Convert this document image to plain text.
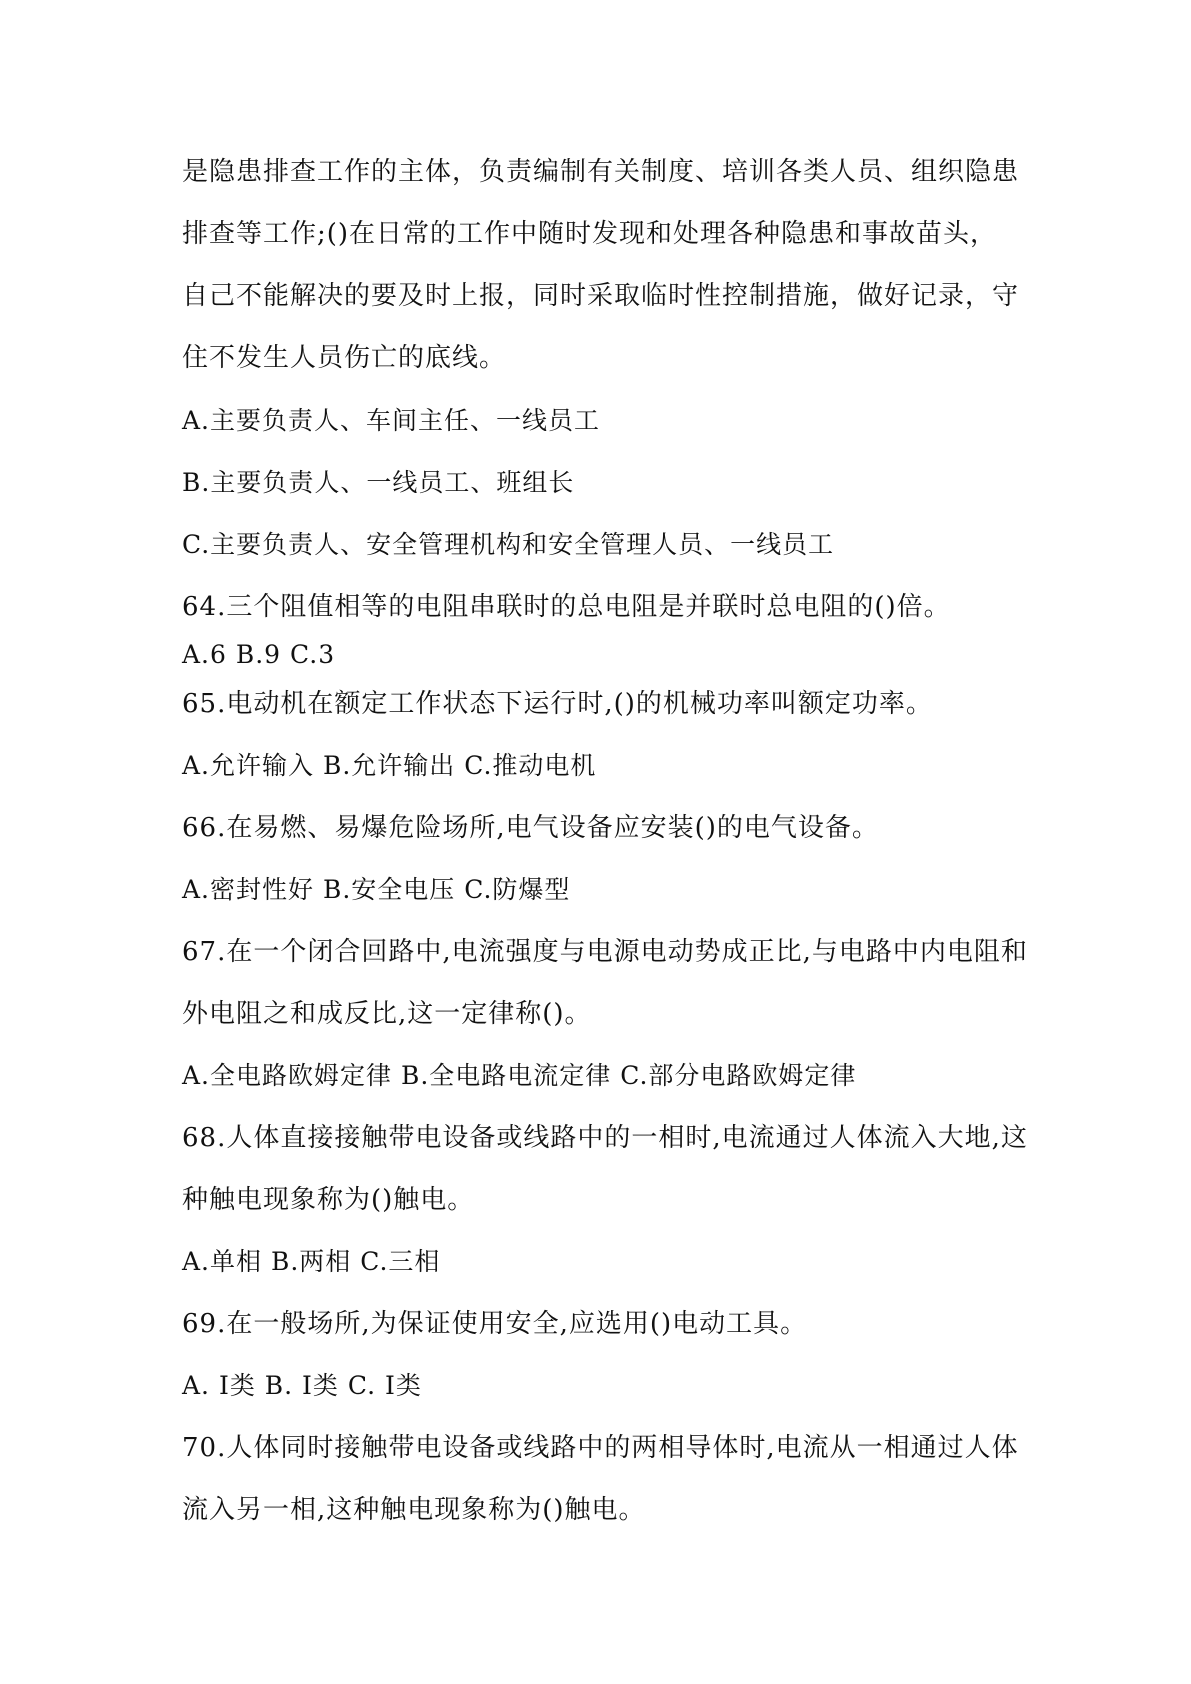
是隐患排查工作的主体，负责编制有关制度、培训各类人员、组织隐患
排查等工作;()在日常的工作中随时发现和处理各种隐患和事故苗头，
自己不能解决的要及时上报，同时采取临时性控制措施，做好记录，守
住不发生人员伤亡的底线。
A.主要负责人、车间主任、一线员工
B.主要负责人、一线员工、班组长
C.主要负责人、安全管理机构和安全管理人员、一线员工
64.三个阻值相等的电阻串联时的总电阻是并联时总电阻的()倍。
A.6 B.9 C.3
65.电动机在额定工作状态下运行时,()的机械功率叫额定功率。
A.允许输入 B.允许输出 C.推动电机
66.在易燃、易爆危险场所,电气设备应安装()的电气设备。
A.密封性好 B.安全电压 C.防爆型
67.在一个闭合回路中,电流强度与电源电动势成正比,与电路中内电阻和
外电阻之和成反比,这一定律称()。
A.全电路欧姆定律 B.全电路电流定律 C.部分电路欧姆定律
68.人体直接接触带电设备或线路中的一相时,电流通过人体流入大地,这
种触电现象称为()触电。
A.单相 B.两相 C.三相
69.在一般场所,为保证使用安全,应选用()电动工具。
A. I类 B. I类 C. I类
70.人体同时接触带电设备或线路中的两相导体时,电流从一相通过人体
流入另一相,这种触电现象称为()触电。
